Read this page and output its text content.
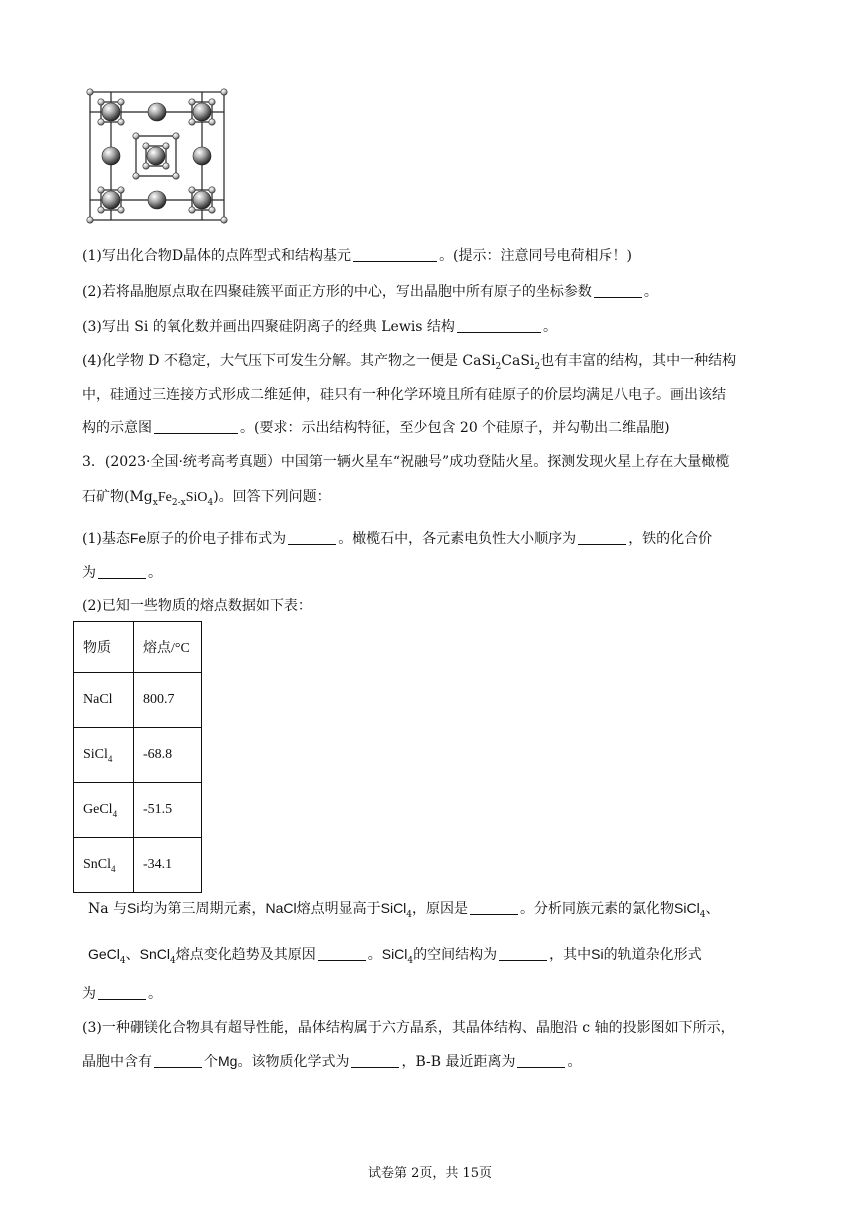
(1)写出化合物D晶体的点阵型式和结构基元	。(提示：注意同号电荷相斥！)
(2)若将晶胞原点取在四聚硅簇平面正方形的中心，写出晶胞中所有原子的坐标参数	。
(3)写出 Si 的氧化数并画出四聚硅阴离子的经典 Lewis 结构	。
(4)化学物 D 不稳定，大气压下可发生分解。其产物之一便是 CaSi$_2$CaSi$_2$也有丰富的结构，其中一种结构
中，硅通过三连接方式形成二维延伸，硅只有一种化学环境且所有硅原子的价层均满足八电子。画出该结
构的示意图	。(要求：示出结构特征，至少包含 20 个硅原子，并勾勒出二维晶胞)
3．(2023·全国·统考高考真题）中国第一辆火星车“祝融号”成功登陆火星。探测发现火星上存在大量橄榄
石矿物$(Mg_xFe_{2-x}SiO_4)$。回答下列问题：
(1)基态Fe原子的价电子排布式为	。橄榄石中，各元素电负性大小顺序为	，铁的化合价
为	。
(2)已知一些物质的熔点数据如下表：
物质	熔点/°C
NaCl	800.7
SiCl$_4$	-68.8
GeCl$_4$	-51.5
SnCl$_4$	-34.1
Na 与Si均为第三周期元素，NaCl熔点明显高于SiCl$_4$，原因是	。分析同族元素的氯化物SiCl$_4$、
GeCl$_4$、SnCl$_4$熔点变化趋势及其原因	。SiCl$_4$的空间结构为	，其中Si的轨道杂化形式
为	。
(3)一种硼镁化合物具有超导性能，晶体结构属于六方晶系，其晶体结构、晶胞沿 c 轴的投影图如下所示，
晶胞中含有	个Mg。该物质化学式为	，B-B 最近距离为	。
试卷第 2页，共 15页
